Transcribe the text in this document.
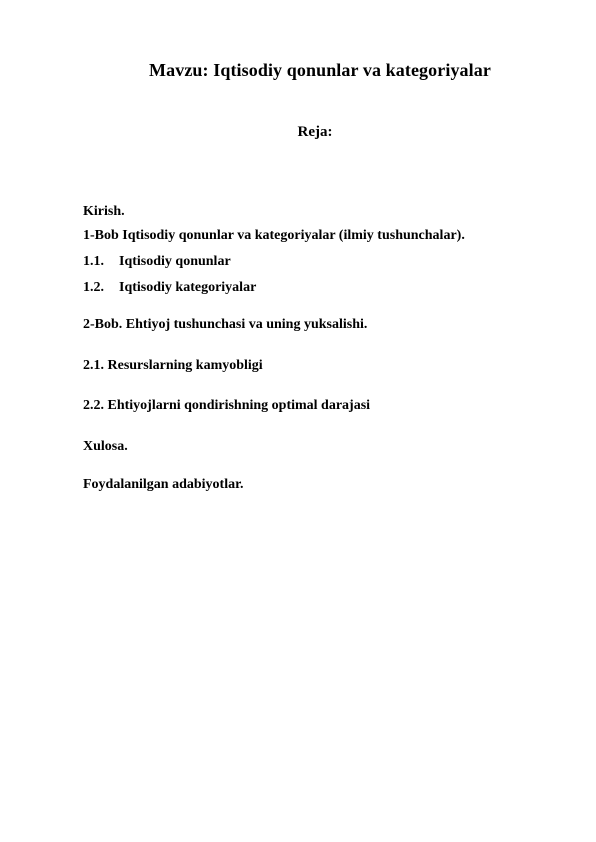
Mavzu: Iqtisodiy qonunlar va kategoriyalar
Reja:
Kirish.
1-Bob Iqtisodiy qonunlar va kategoriyalar (ilmiy tushunchalar).
1.1. Iqtisodiy qonunlar
1.2. Iqtisodiy kategoriyalar
2-Bob. Ehtiyoj tushunchasi va uning yuksalishi.
2.1. Resurslarning kamyobligi
2.2. Ehtiyojlarni qondirishning optimal darajasi
Xulosa.
Foydalanilgan adabiyotlar.
